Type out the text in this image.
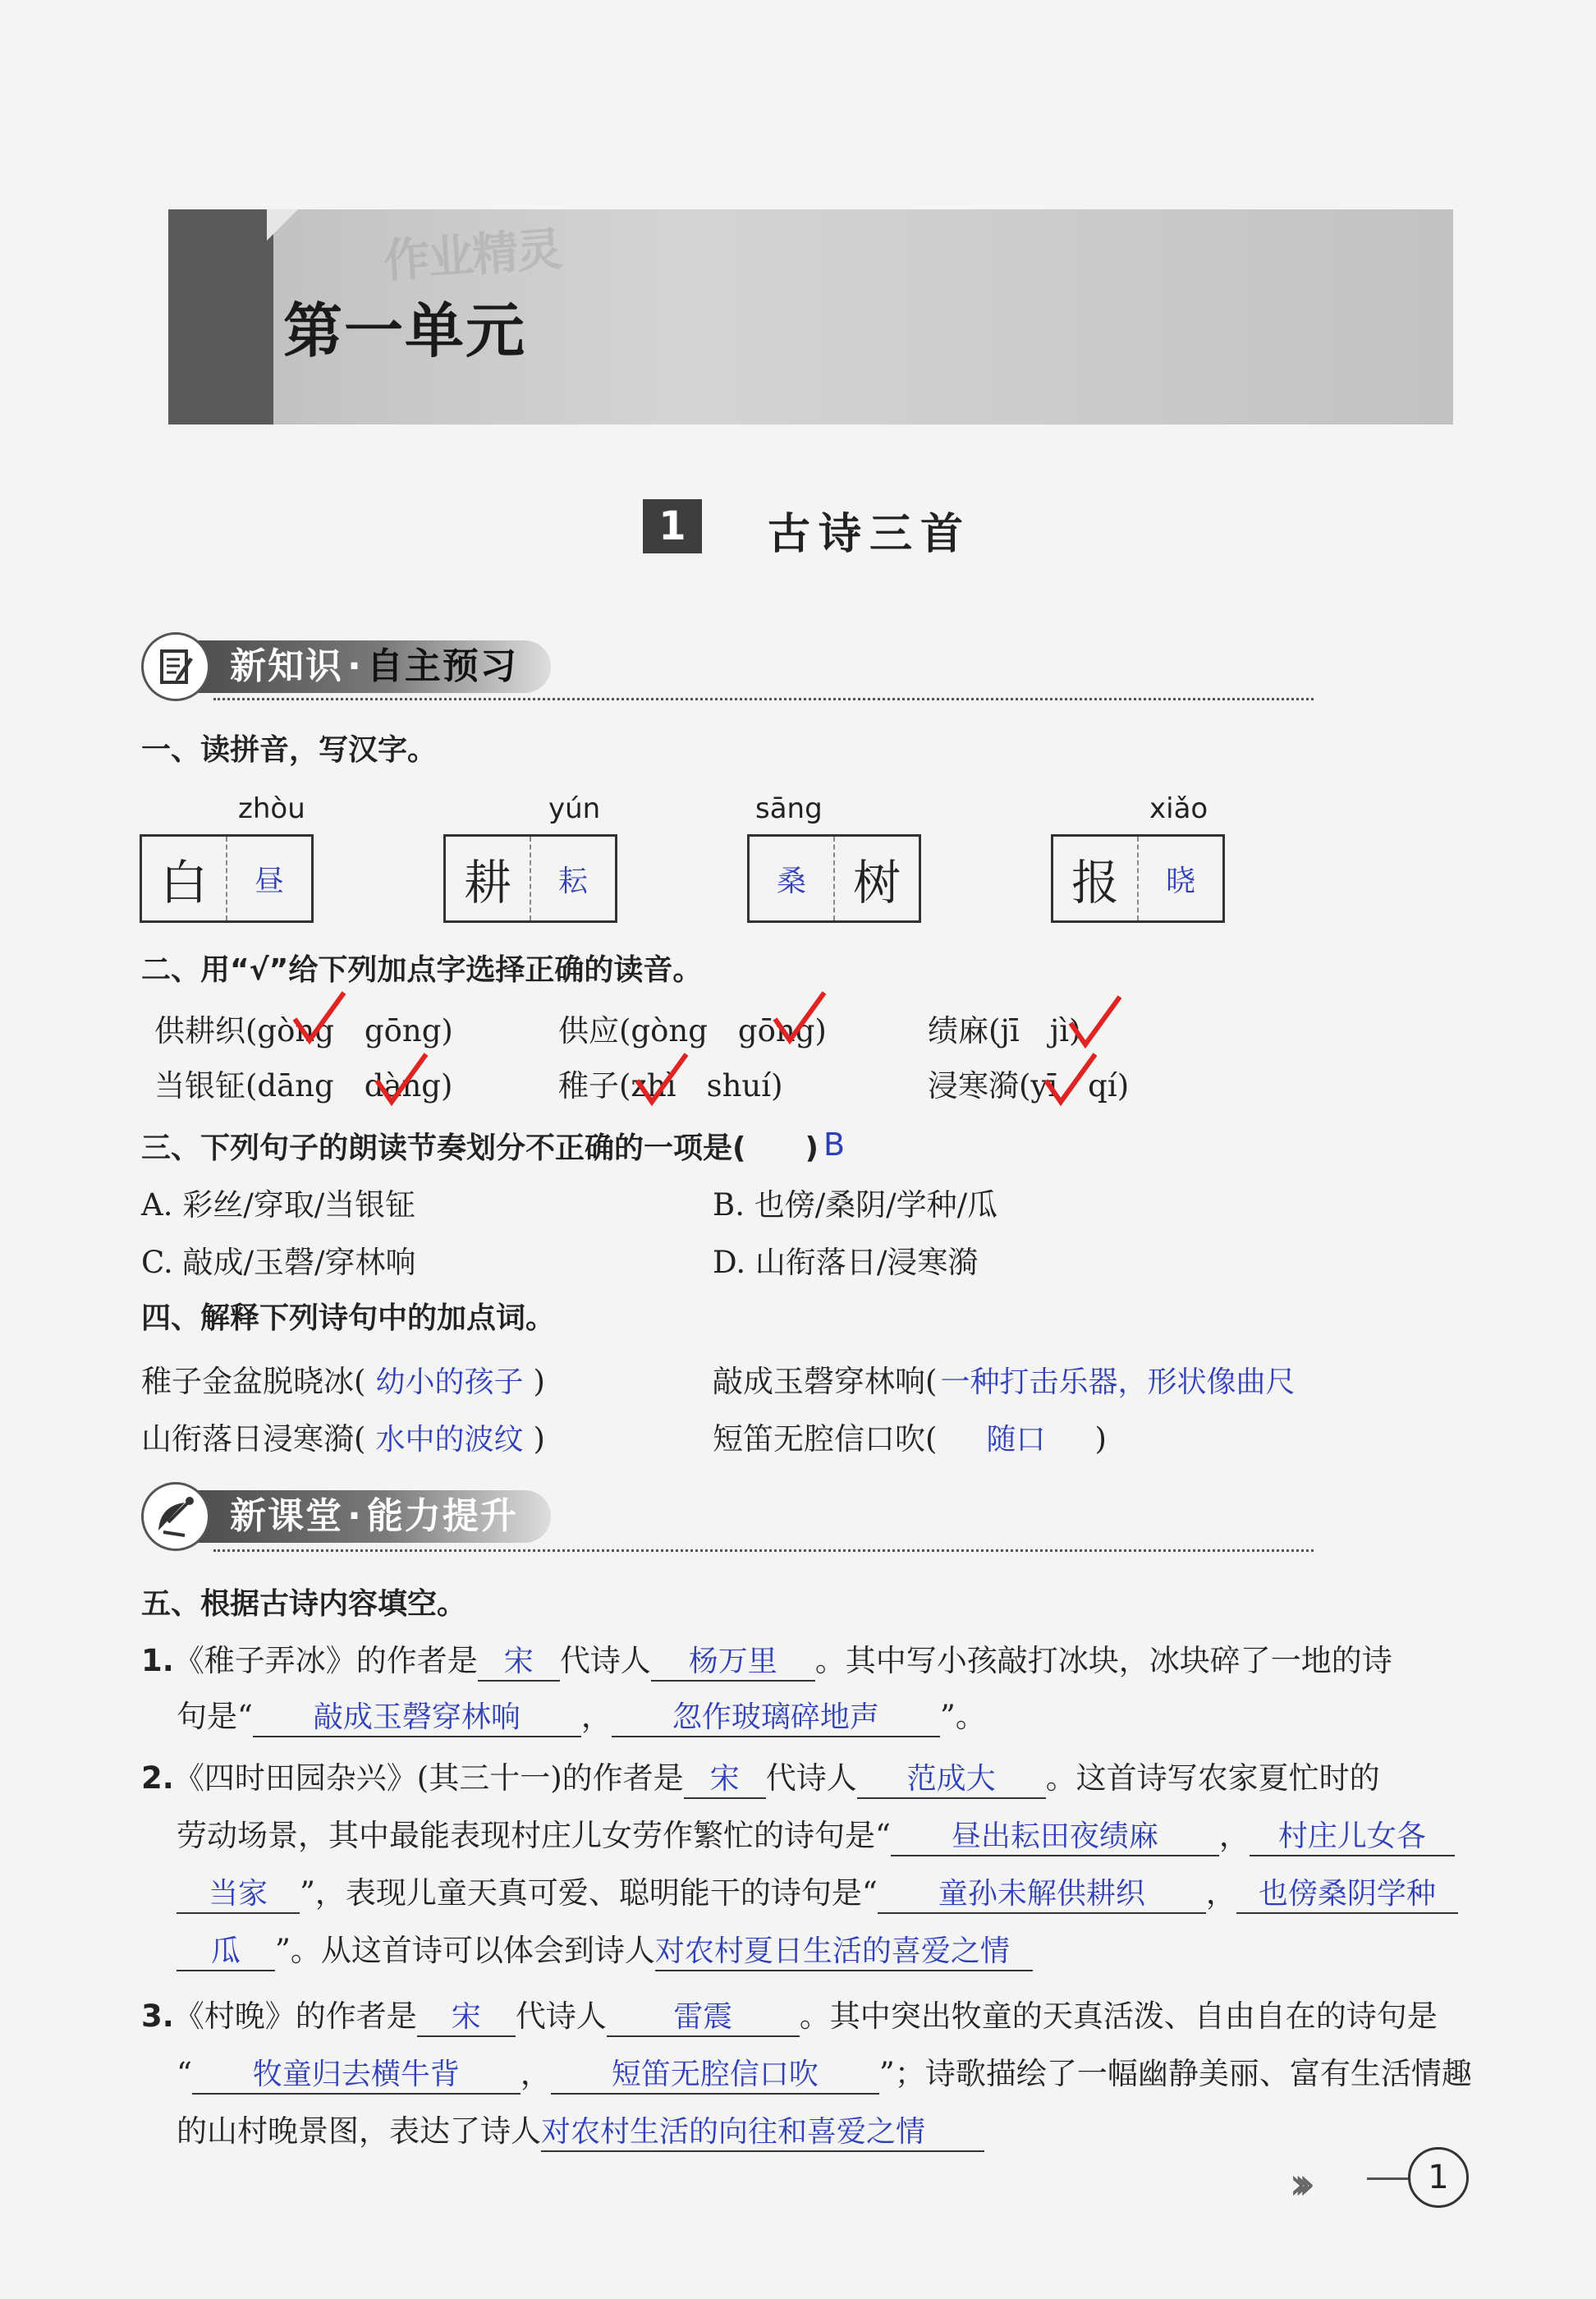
作业精灵
第一单元
1	古诗三首
新知识 · 自主预习
一、读拼音，写汉字。
zhòu
白	昼
yún
耕	耘
sāng
桑 树
xiǎo
报	晓
二、用“√”给下列加点字选择正确的读音。
供耕织(gòng　gōng)	供应(gòng　gōng)	绩麻(jī　jì)
当银钲(dāng　dàng)	稚子(zhì　shuí)	浸寒漪(yī　qí)
三、下列句子的朗读节奏划分不正确的一项是(　　) B
A. 彩丝/穿取/当银钲	B. 也傍/桑阴/学种/瓜
C. 敲成/玉磬/穿林响	D. 山衔落日/浸寒漪
四、解释下列诗句中的加点词。
稚子金盆脱晓冰( 幼小的孩子 )	敲成玉磬穿林响( 一种打击乐器，形状像曲尺
山衔落日浸寒漪( 水中的波纹 )	短笛无腔信口吹( 随口 )
新课堂 · 能力提升
五、根据古诗内容填空。
1.《稚子弄冰》的作者是 宋 代诗人 杨万里 。其中写小孩敲打冰块，冰块碎了一地的诗
句是“ 敲成玉磬穿林响 ， 忽作玻璃碎地声 ”。
2.《四时田园杂兴》(其三十一)的作者是 宋 代诗人 范成大 。这首诗写农家夏忙时的
劳动场景，其中最能表现村庄儿女劳作繁忙的诗句是“ 昼出耘田夜绩麻 ， 村庄儿女各
当家 ”，表现儿童天真可爱、聪明能干的诗句是“ 童孙未解供耕织 ， 也傍桑阴学种
瓜 ”。从这首诗可以体会到诗人对农村夏日生活的喜爱之情
3.《村晚》的作者是 宋 代诗人 雷震 。其中突出牧童的天真活泼、自由自在的诗句是
“ 牧童归去横牛背 ， 短笛无腔信口吹 ”；诗歌描绘了一幅幽静美丽、富有生活情趣
的山村晚景图，表达了诗人对农村生活的向往和喜爱之情
›››	1
